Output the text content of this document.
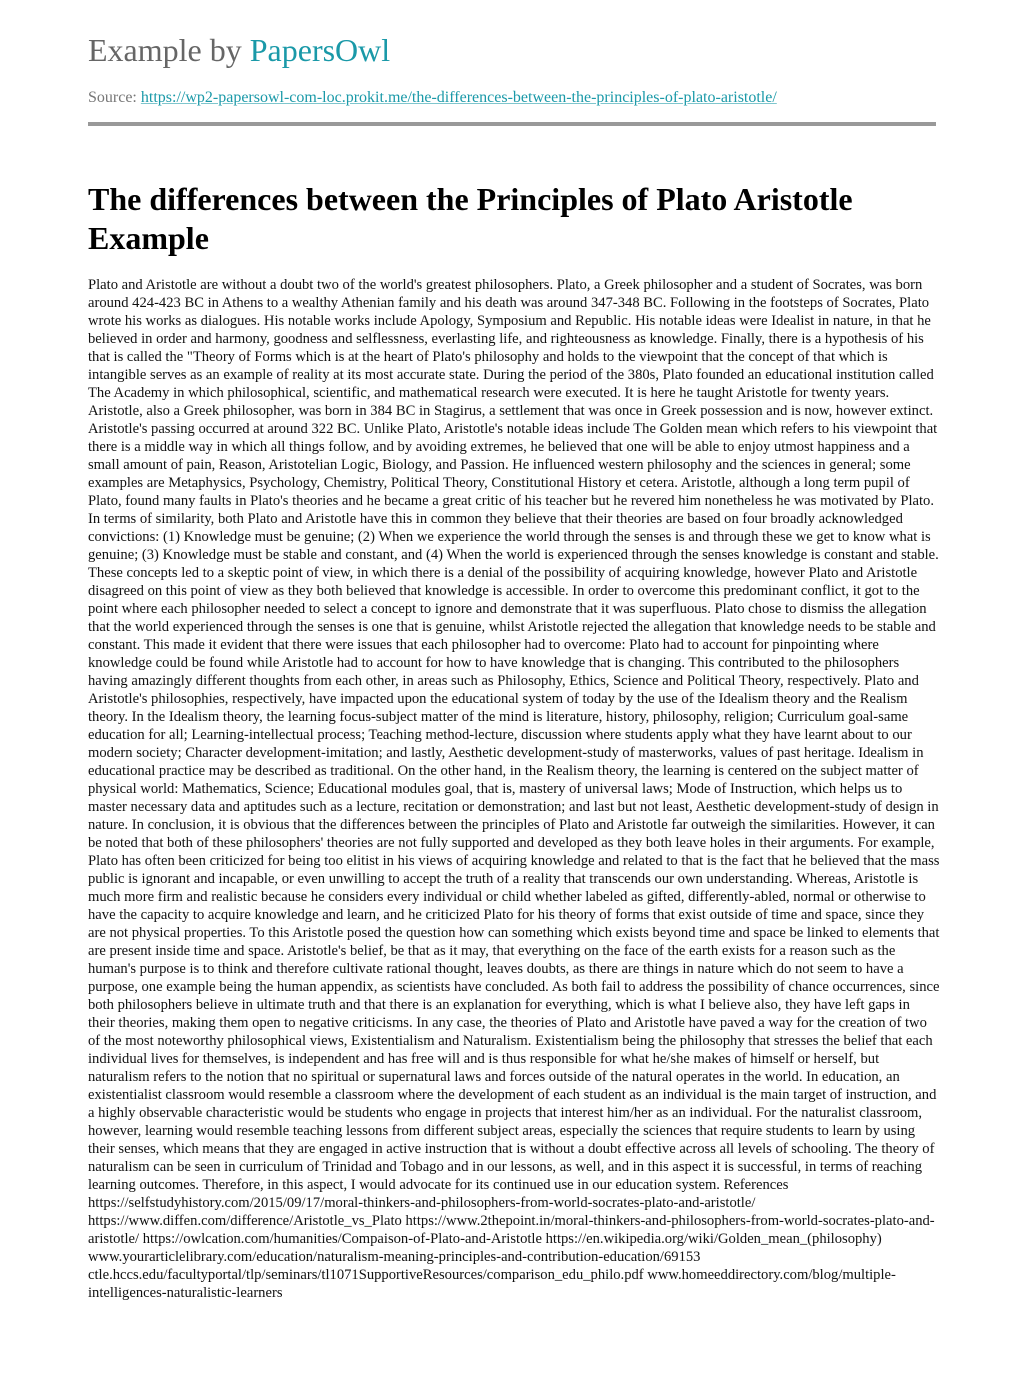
Example by PapersOwl
Source: https://wp2-papersowl-com-loc.prokit.me/the-differences-between-the-principles-of-plato-aristotle/
The differences between the Principles of Plato Aristotle Example

Plato and Aristotle are without a doubt two of the world's greatest philosophers. Plato, a Greek philosopher and a student of Socrates, was born around 424-423 BC in Athens to a wealthy Athenian family and his death was around 347-348 BC. Following in the footsteps of Socrates, Plato wrote his works as dialogues. His notable works include Apology, Symposium and Republic. His notable ideas were Idealist in nature, in that he believed in order and harmony, goodness and selflessness, everlasting life, and righteousness as knowledge. Finally, there is a hypothesis of his that is called the "Theory of Forms which is at the heart of Plato's philosophy and holds to the viewpoint that the concept of that which is intangible serves as an example of reality at its most accurate state. During the period of the 380s, Plato founded an educational institution called The Academy in which philosophical, scientific, and mathematical research were executed. It is here he taught Aristotle for twenty years. Aristotle, also a Greek philosopher, was born in 384 BC in Stagirus, a settlement that was once in Greek possession and is now, however extinct. Aristotle's passing occurred at around 322 BC. Unlike Plato, Aristotle's notable ideas include The Golden mean which refers to his viewpoint that there is a middle way in which all things follow, and by avoiding extremes, he believed that one will be able to enjoy utmost happiness and a small amount of pain, Reason, Aristotelian Logic, Biology, and Passion. He influenced western philosophy and the sciences in general; some examples are Metaphysics, Psychology, Chemistry, Political Theory, Constitutional History et cetera. Aristotle, although a long term pupil of Plato, found many faults in Plato's theories and he became a great critic of his teacher but he revered him nonetheless he was motivated by Plato. In terms of similarity, both Plato and Aristotle have this in common they believe that their theories are based on four broadly acknowledged convictions: (1) Knowledge must be genuine; (2) When we experience the world through the senses is and through these we get to know what is genuine; (3) Knowledge must be stable and constant, and (4) When the world is experienced through the senses knowledge is constant and stable. These concepts led to a skeptic point of view, in which there is a denial of the possibility of acquiring knowledge, however Plato and Aristotle disagreed on this point of view as they both believed that knowledge is accessible. In order to overcome this predominant conflict, it got to the point where each philosopher needed to select a concept to ignore and demonstrate that it was superfluous. Plato chose to dismiss the allegation that the world experienced through the senses is one that is genuine, whilst Aristotle rejected the allegation that knowledge needs to be stable and constant. This made it evident that there were issues that each philosopher had to overcome: Plato had to account for pinpointing where knowledge could be found while Aristotle had to account for how to have knowledge that is changing. This contributed to the philosophers having amazingly different thoughts from each other, in areas such as Philosophy, Ethics, Science and Political Theory, respectively. Plato and Aristotle's philosophies, respectively, have impacted upon the educational system of today by the use of the Idealism theory and the Realism theory. In the Idealism theory, the learning focus-subject matter of the mind is literature, history, philosophy, religion; Curriculum goal-same education for all; Learning-intellectual process; Teaching method-lecture, discussion where students apply what they have learnt about to our modern society; Character development-imitation; and lastly, Aesthetic development-study of masterworks, values of past heritage. Idealism in educational practice may be described as traditional. On the other hand, in the Realism theory, the learning is centered on the subject matter of physical world: Mathematics, Science; Educational modules goal, that is, mastery of universal laws; Mode of Instruction, which helps us to master necessary data and aptitudes such as a lecture, recitation or demonstration; and last but not least, Aesthetic development-study of design in nature. In conclusion, it is obvious that the differences between the principles of Plato and Aristotle far outweigh the similarities. However, it can be noted that both of these philosophers' theories are not fully supported and developed as they both leave holes in their arguments. For example, Plato has often been criticized for being too elitist in his views of acquiring knowledge and related to that is the fact that he believed that the mass public is ignorant and incapable, or even unwilling to accept the truth of a reality that transcends our own understanding. Whereas, Aristotle is much more firm and realistic because he considers every individual or child whether labeled as gifted, differently-abled, normal or otherwise to have the capacity to acquire knowledge and learn, and he criticized Plato for his theory of forms that exist outside of time and space, since they are not physical properties. To this Aristotle posed the question how can something which exists beyond time and space be linked to elements that are present inside time and space. Aristotle's belief, be that as it may, that everything on the face of the earth exists for a reason such as the human's purpose is to think and therefore cultivate rational thought, leaves doubts, as there are things in nature which do not seem to have a purpose, one example being the human appendix, as scientists have concluded. As both fail to address the possibility of chance occurrences, since both philosophers believe in ultimate truth and that there is an explanation for everything, which is what I believe also, they have left gaps in their theories, making them open to negative criticisms. In any case, the theories of Plato and Aristotle have paved a way for the creation of two of the most noteworthy philosophical views, Existentialism and Naturalism. Existentialism being the philosophy that stresses the belief that each individual lives for themselves, is independent and has free will and is thus responsible for what he/she makes of himself or herself, but naturalism refers to the notion that no spiritual or supernatural laws and forces outside of the natural operates in the world. In education, an existentialist classroom would resemble a classroom where the development of each student as an individual is the main target of instruction, and a highly observable characteristic would be students who engage in projects that interest him/her as an individual. For the naturalist classroom, however, learning would resemble teaching lessons from different subject areas, especially the sciences that require students to learn by using their senses, which means that they are engaged in active instruction that is without a doubt effective across all levels of schooling. The theory of naturalism can be seen in curriculum of Trinidad and Tobago and in our lessons, as well, and in this aspect it is successful, in terms of reaching learning outcomes. Therefore, in this aspect, I would advocate for its continued use in our education system. References https://selfstudyhistory.com/2015/09/17/moral-thinkers-and-philosophers-from-world-socrates-plato-and-aristotle/ https://www.diffen.com/difference/Aristotle_vs_Plato https://www.2thepoint.in/moral-thinkers-and-philosophers-from-world-socrates-plato-and-aristotle/ https://owlcation.com/humanities/Compaison-of-Plato-and-Aristotle https://en.wikipedia.org/wiki/Golden_mean_(philosophy) www.yourarticlelibrary.com/education/naturalism-meaning-principles-and-contribution-education/69153 ctle.hccs.edu/facultyportal/tlp/seminars/tl1071SupportiveResources/comparison_edu_philo.pdf www.homeeddirectory.com/blog/multiple-intelligences-naturalistic-learners
